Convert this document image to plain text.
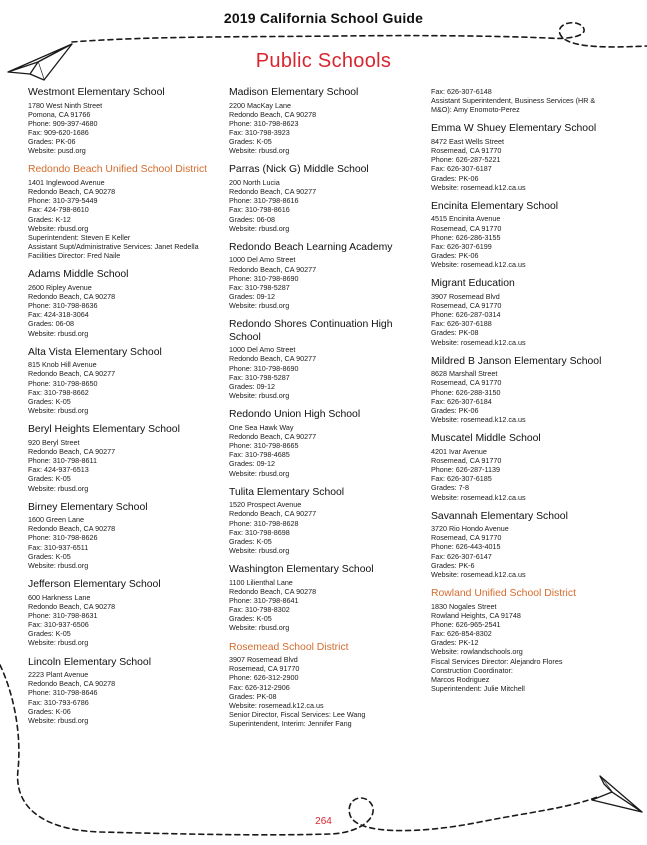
2019 California School Guide
Public Schools
Westmont Elementary School
1780 West Ninth Street
Pomona, CA 91766
Phone: 909-397-4680
Fax: 909-620-1686
Grades: PK-06
Website: pusd.org
Redondo Beach Unified School District
1401 Inglewood Avenue
Redondo Beach, CA 90278
Phone: 310-379-5449
Fax: 424-798-8610
Grades: K-12
Website: rbusd.org
Superintendent: Steven E Keller
Assistant Supt/Administrative Services: Janet Redella
Facilities Director: Fred Naile
Adams Middle School
2600 Ripley Avenue
Redondo Beach, CA 90278
Phone: 310-798-8636
Fax: 424-318-3064
Grades: 06-08
Website: rbusd.org
Alta Vista Elementary School
815 Knob Hill Avenue
Redondo Beach, CA 90277
Phone: 310-798-8650
Fax: 310-798-8662
Grades: K-05
Website: rbusd.org
Beryl Heights Elementary School
920 Beryl Street
Redondo Beach, CA 90277
Phone: 310-798-8611
Fax: 424-937-6513
Grades: K-05
Website: rbusd.org
Birney Elementary School
1600 Green Lane
Redondo Beach, CA 90278
Phone: 310-798-8626
Fax: 310-937-6511
Grades: K-05
Website: rbusd.org
Jefferson Elementary School
600 Harkness Lane
Redondo Beach, CA 90278
Phone: 310-798-8631
Fax: 310-937-6506
Grades: K-05
Website: rbusd.org
Lincoln Elementary School
2223 Plant Avenue
Redondo Beach, CA 90278
Phone: 310-798-8646
Fax: 310-793-6786
Grades: K-06
Website: rbusd.org
Madison Elementary School
2200 MacKay Lane
Redondo Beach, CA 90278
Phone: 310-798-8623
Fax: 310-798-3923
Grades: K-05
Website: rbusd.org
Parras (Nick G) Middle School
200 North Lucia
Redondo Beach, CA 90277
Phone: 310-798-8616
Fax: 310-798-8616
Grades: 06-08
Website: rbusd.org
Redondo Beach Learning Academy
1000 Del Amo Street
Redondo Beach, CA 90277
Phone: 310-798-8690
Fax: 310-798-5287
Grades: 09-12
Website: rbusd.org
Redondo Shores Continuation High School
1000 Del Amo Street
Redondo Beach, CA 90277
Phone: 310-798-8690
Fax: 310-798-5287
Grades: 09-12
Website: rbusd.org
Redondo Union High School
One Sea Hawk Way
Redondo Beach, CA 90277
Phone: 310-798-8665
Fax: 310-798-4685
Grades: 09-12
Website: rbusd.org
Tulita Elementary School
1520 Prospect Avenue
Redondo Beach, CA 90277
Phone: 310-798-8628
Fax: 310-798-8698
Grades: K-05
Website: rbusd.org
Washington Elementary School
1100 Lilienthal Lane
Redondo Beach, CA 90278
Phone: 310-798-8641
Fax: 310-798-8302
Grades: K-05
Website: rbusd.org
Rosemead School District
3907 Rosemead Blvd
Rosemead, CA 91770
Phone: 626-312-2900
Fax: 626-312-2906
Grades: PK-08
Website: rosemead.k12.ca.us
Senior Director, Fiscal Services: Lee Wang
Superintendent, Interim: Jennifer Fang
Fax: 626-307-6148
Assistant Superintendent, Business Services (HR &
M&O): Amy Enomoto-Perez
Emma W Shuey Elementary School
8472 East Wells Street
Rosemead, CA 91770
Phone: 626-287-5221
Fax: 626-307-6187
Grades: PK-06
Website: rosemead.k12.ca.us
Encinita Elementary School
4515 Encinita Avenue
Rosemead, CA 91770
Phone: 626-286-3155
Fax: 626-307-6199
Grades: PK-06
Website: rosemead.k12.ca.us
Migrant Education
3907 Rosemead Blvd
Rosemead, CA 91770
Phone: 626-287-0314
Fax: 626-307-6188
Grades: PK-08
Website: rosemead.k12.ca.us
Mildred B Janson Elementary School
8628 Marshall Street
Rosemead, CA 91770
Phone: 626-288-3150
Fax: 626-307-6184
Grades: PK-06
Website: rosemead.k12.ca.us
Muscatel Middle School
4201 Ivar Avenue
Rosemead, CA 91770
Phone: 626-287-1139
Fax: 626-307-6185
Grades: 7-8
Website: rosemead.k12.ca.us
Savannah Elementary School
3720 Rio Hondo Avenue
Rosemead, CA 91770
Phone: 626-443-4015
Fax: 626-307-6147
Grades: PK-6
Website: rosemead.k12.ca.us
Rowland Unified School District
1830 Nogales Street
Rowland Heights, CA 91748
Phone: 626-965-2541
Fax: 626-854-8302
Grades: PK-12
Website: rowlandschools.org
Fiscal Services Director: Alejandro Flores
Construction Coordinator:
Marcos Rodriguez
Superintendent: Julie Mitchell
264
